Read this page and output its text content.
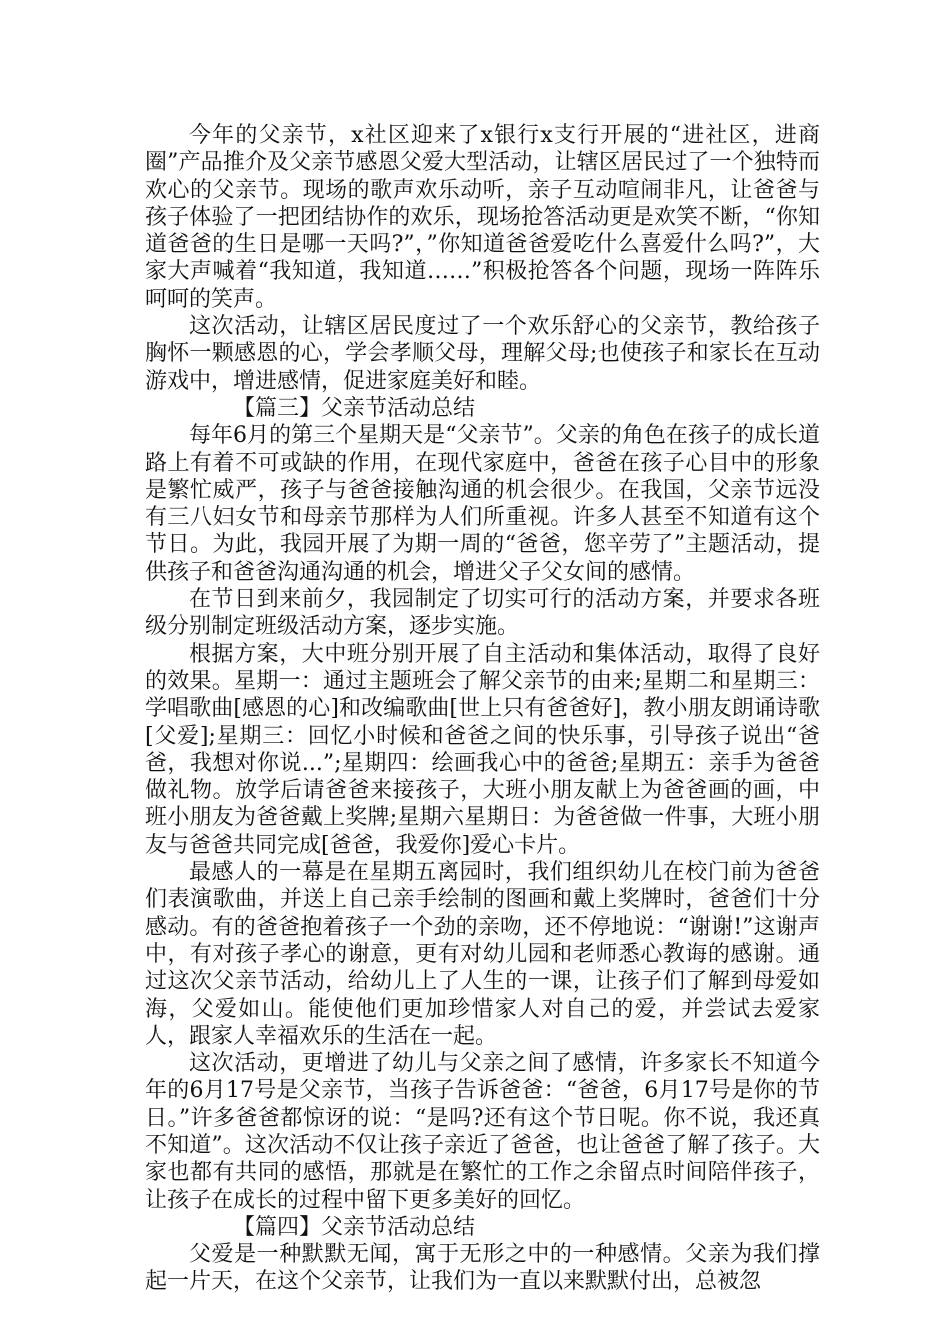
今年的父亲节，x社区迎来了x银行x支行开展的“进社区，进商圈”产品推介及父亲节感恩父爱大型活动，让辖区居民过了一个独特而欢心的父亲节。现场的歌声欢乐动听，亲子互动喧闹非凡，让爸爸与孩子体验了一把团结协作的欢乐，现场抢答活动更是欢笑不断，“你知道爸爸的生日是哪一天吗?”，”你知道爸爸爱吃什么喜爱什么吗?”，大家大声喊着“我知道，我知道……”积极抢答各个问题，现场一阵阵乐呵呵的笑声。

这次活动，让辖区居民度过了一个欢乐舒心的父亲节，教给孩子胸怀一颗感恩的心，学会孝顺父母，理解父母;也使孩子和家长在互动游戏中，增进感情，促进家庭美好和睦。

【篇三】父亲节活动总结

每年6月的第三个星期天是“父亲节”。父亲的角色在孩子的成长道路上有着不可或缺的作用，在现代家庭中，爸爸在孩子心目中的形象是繁忙威严，孩子与爸爸接触沟通的机会很少。在我国，父亲节远没有三八妇女节和母亲节那样为人们所重视。许多人甚至不知道有这个节日。为此，我园开展了为期一周的“爸爸，您辛劳了”主题活动，提供孩子和爸爸沟通沟通的机会，增进父子父女间的感情。

在节日到来前夕，我园制定了切实可行的活动方案，并要求各班级分别制定班级活动方案，逐步实施。

根据方案，大中班分别开展了自主活动和集体活动，取得了良好的效果。星期一：通过主题班会了解父亲节的由来;星期二和星期三：学唱歌曲[感恩的心]和改编歌曲[世上只有爸爸好]，教小朋友朗诵诗歌[父爱];星期三：回忆小时候和爸爸之间的快乐事，引导孩子说出“爸爸，我想对你说...”;星期四：绘画我心中的爸爸;星期五：亲手为爸爸做礼物。放学后请爸爸来接孩子，大班小朋友献上为爸爸画的画，中班小朋友为爸爸戴上奖牌;星期六星期日：为爸爸做一件事，大班小朋友与爸爸共同完成[爸爸，我爱你]爱心卡片。

最感人的一幕是在星期五离园时，我们组织幼儿在校门前为爸爸们表演歌曲，并送上自己亲手绘制的图画和戴上奖牌时，爸爸们十分感动。有的爸爸抱着孩子一个劲的亲吻，还不停地说：“谢谢!”这谢声中，有对孩子孝心的谢意，更有对幼儿园和老师悉心教诲的感谢。通过这次父亲节活动，给幼儿上了人生的一课，让孩子们了解到母爱如海，父爱如山。能使他们更加珍惜家人对自己的爱，并尝试去爱家人，跟家人幸福欢乐的生活在一起。

这次活动，更增进了幼儿与父亲之间了感情，许多家长不知道今年的6月17号是父亲节，当孩子告诉爸爸：“爸爸，6月17号是你的节日。”许多爸爸都惊讶的说：“是吗?还有这个节日呢。你不说，我还真不知道”。这次活动不仅让孩子亲近了爸爸，也让爸爸了解了孩子。大家也都有共同的感悟，那就是在繁忙的工作之余留点时间陪伴孩子，让孩子在成长的过程中留下更多美好的回忆。

【篇四】父亲节活动总结

父爱是一种默默无闻，寓于无形之中的一种感情。父亲为我们撑起一片天，在这个父亲节，让我们为一直以来默默付出，总被忽
